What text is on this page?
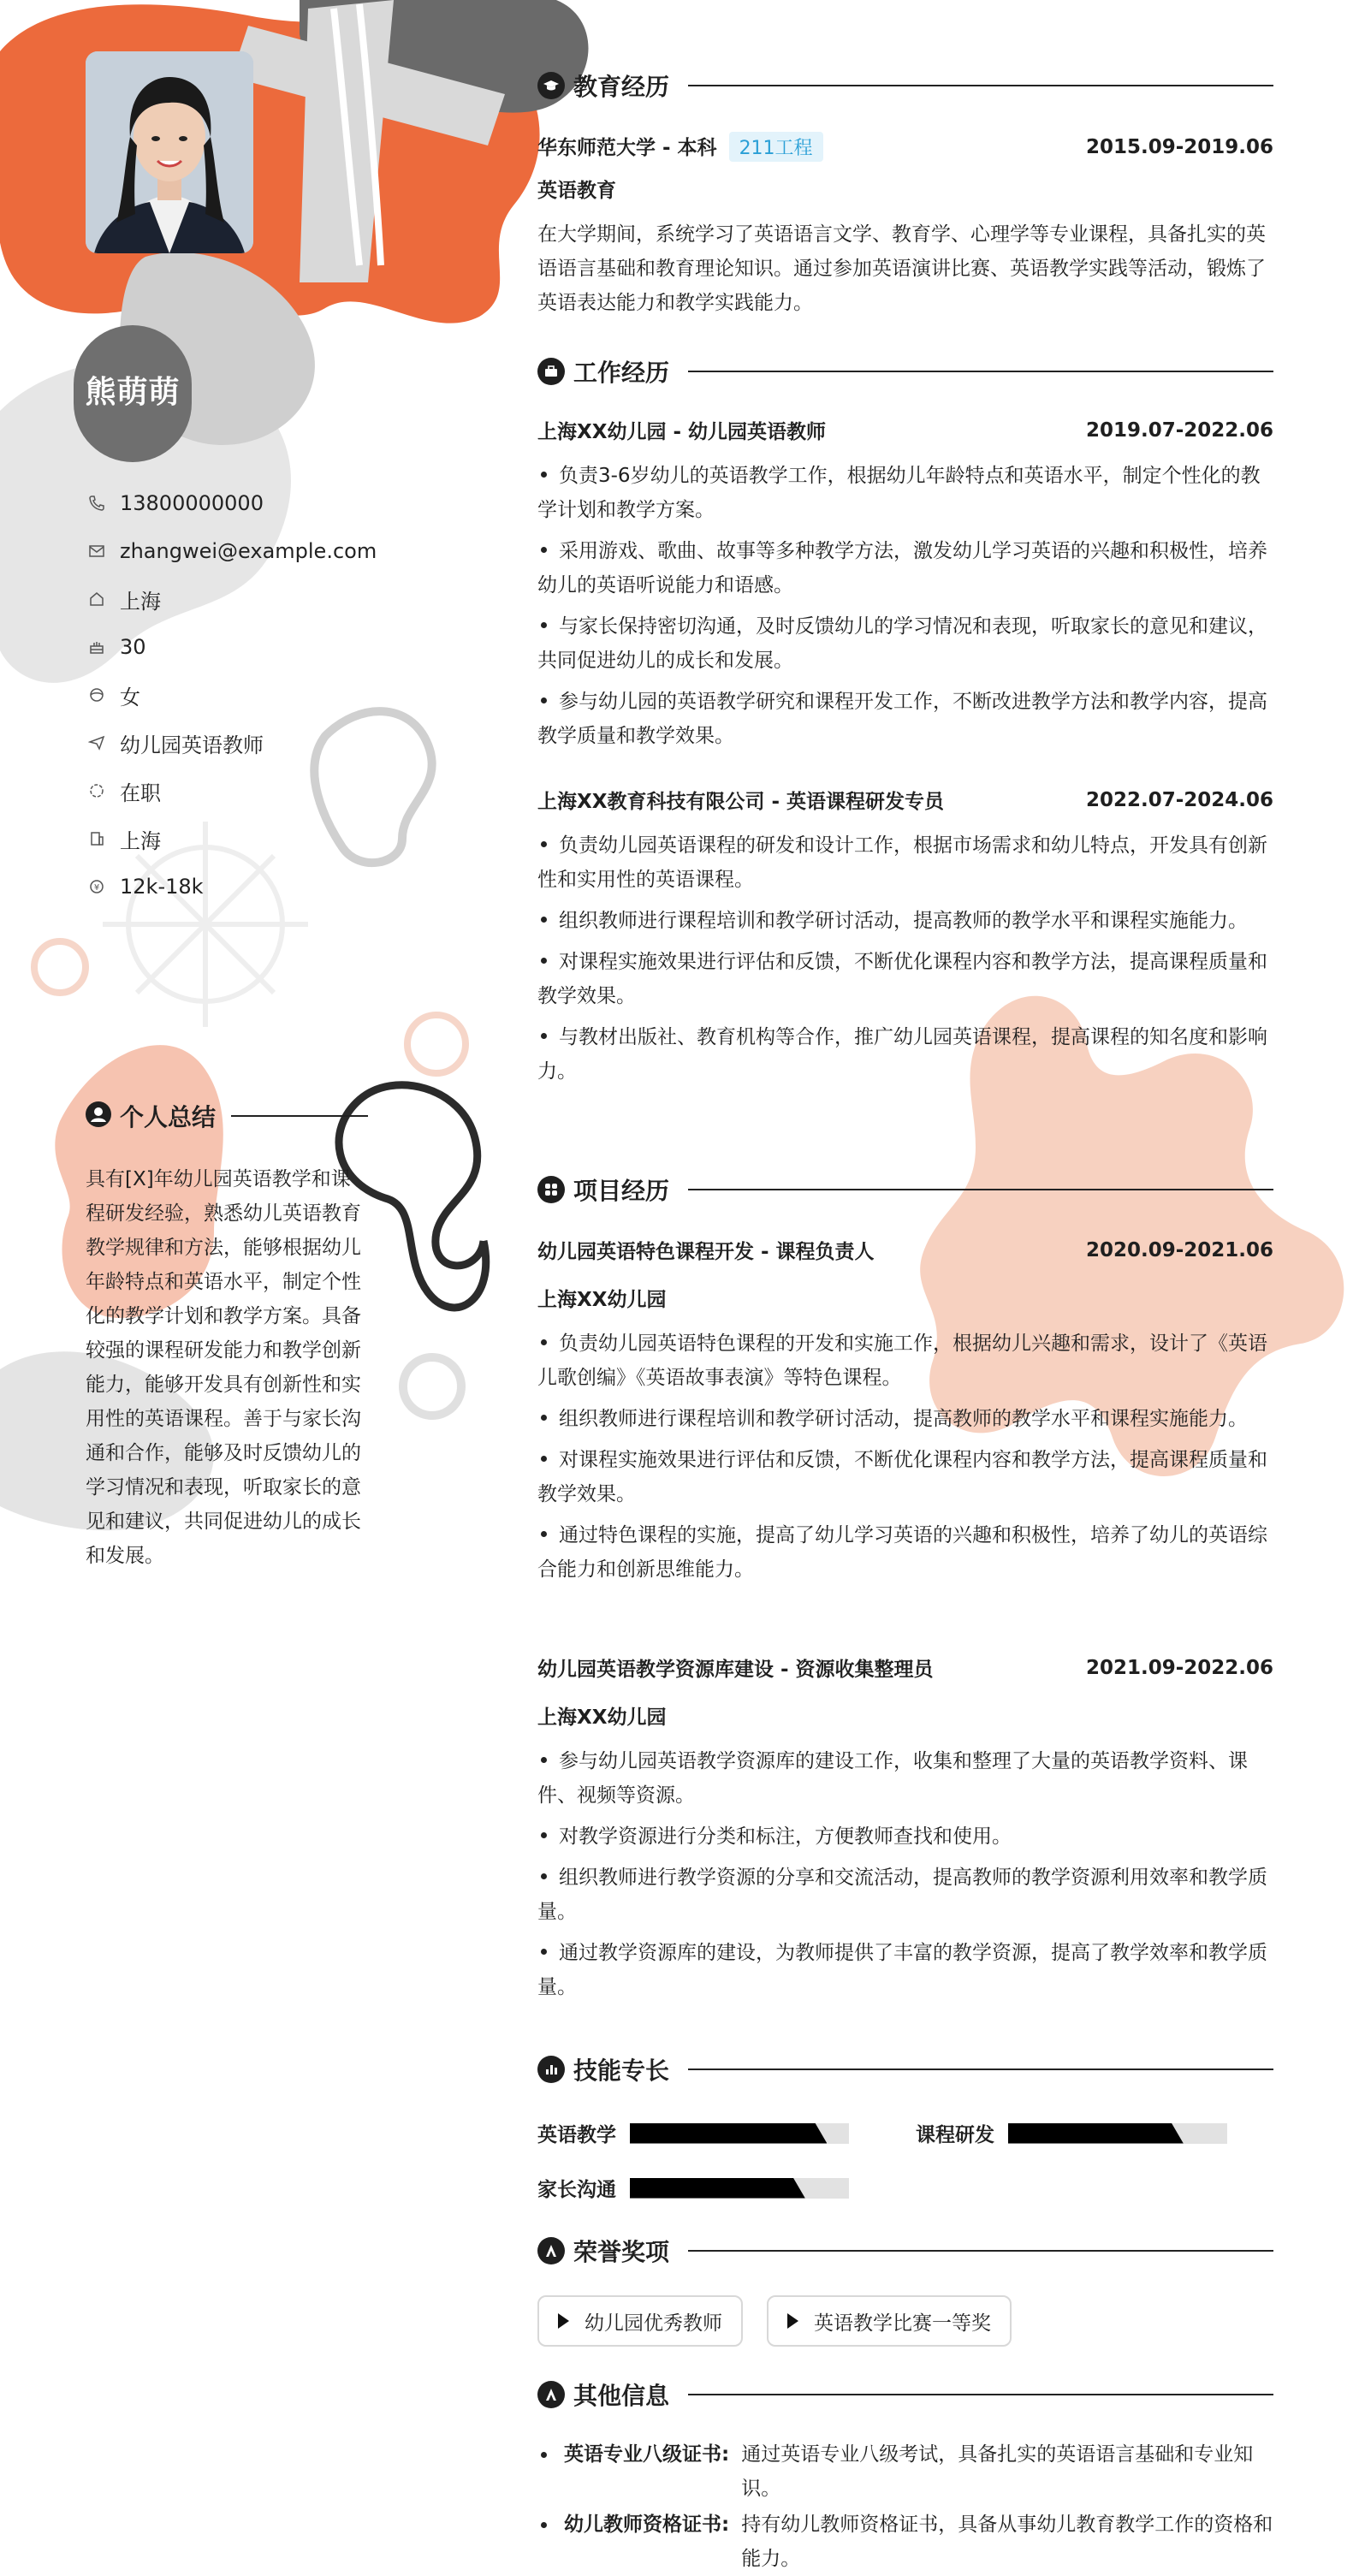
熊萌萌
13800000000
zhangwei@example.com
上海
30
女
幼儿园英语教师
在职
上海
¥ 12k-18k
个人总结
具有[X]年幼儿园英语教学和课程研发经验，熟悉幼儿英语教育教学规律和方法，能够根据幼儿年龄特点和英语水平，制定个性化的教学计划和教学方案。具备较强的课程研发能力和教学创新能力，能够开发具有创新性和实用性的英语课程。善于与家长沟通和合作，能够及时反馈幼儿的学习情况和表现，听取家长的意见和建议，共同促进幼儿的成长和发展。
教育经历
华东师范大学 - 本科 211工程	2015.09-2019.06
英语教育
在大学期间，系统学习了英语语言文学、教育学、心理学等专业课程，具备扎实的英语语言基础和教育理论知识。通过参加英语演讲比赛、英语教学实践等活动，锻炼了英语表达能力和教学实践能力。
工作经历
上海XX幼儿园 - 幼儿园英语教师	2019.07-2022.06
负责3-6岁幼儿的英语教学工作，根据幼儿年龄特点和英语水平，制定个性化的教学计划和教学方案。
采用游戏、歌曲、故事等多种教学方法，激发幼儿学习英语的兴趣和积极性，培养幼儿的英语听说能力和语感。
与家长保持密切沟通，及时反馈幼儿的学习情况和表现，听取家长的意见和建议，共同促进幼儿的成长和发展。
参与幼儿园的英语教学研究和课程开发工作，不断改进教学方法和教学内容，提高教学质量和教学效果。
上海XX教育科技有限公司 - 英语课程研发专员	2022.07-2024.06
负责幼儿园英语课程的研发和设计工作，根据市场需求和幼儿特点，开发具有创新性和实用性的英语课程。
组织教师进行课程培训和教学研讨活动，提高教师的教学水平和课程实施能力。
对课程实施效果进行评估和反馈，不断优化课程内容和教学方法，提高课程质量和教学效果。
与教材出版社、教育机构等合作，推广幼儿园英语课程，提高课程的知名度和影响力。
项目经历
幼儿园英语特色课程开发 - 课程负责人	2020.09-2021.06
上海XX幼儿园
负责幼儿园英语特色课程的开发和实施工作，根据幼儿兴趣和需求，设计了《英语儿歌创编》《英语故事表演》等特色课程。
组织教师进行课程培训和教学研讨活动，提高教师的教学水平和课程实施能力。
对课程实施效果进行评估和反馈，不断优化课程内容和教学方法，提高课程质量和教学效果。
通过特色课程的实施，提高了幼儿学习英语的兴趣和积极性，培养了幼儿的英语综合能力和创新思维能力。
幼儿园英语教学资源库建设 - 资源收集整理员	2021.09-2022.06
上海XX幼儿园
参与幼儿园英语教学资源库的建设工作，收集和整理了大量的英语教学资料、课件、视频等资源。
对教学资源进行分类和标注，方便教师查找和使用。
组织教师进行教学资源的分享和交流活动，提高教师的教学资源利用效率和教学质量。
通过教学资源库的建设，为教师提供了丰富的教学资源，提高了教学效率和教学质量。
技能专长
英语教学	课程研发
家长沟通
荣誉奖项
幼儿园优秀教师	英语教学比赛一等奖
其他信息
英语专业八级证书: 通过英语专业八级考试，具备扎实的英语语言基础和专业知识。
幼儿教师资格证书: 持有幼儿教师资格证书，具备从事幼儿教育教学工作的资格和能力。
